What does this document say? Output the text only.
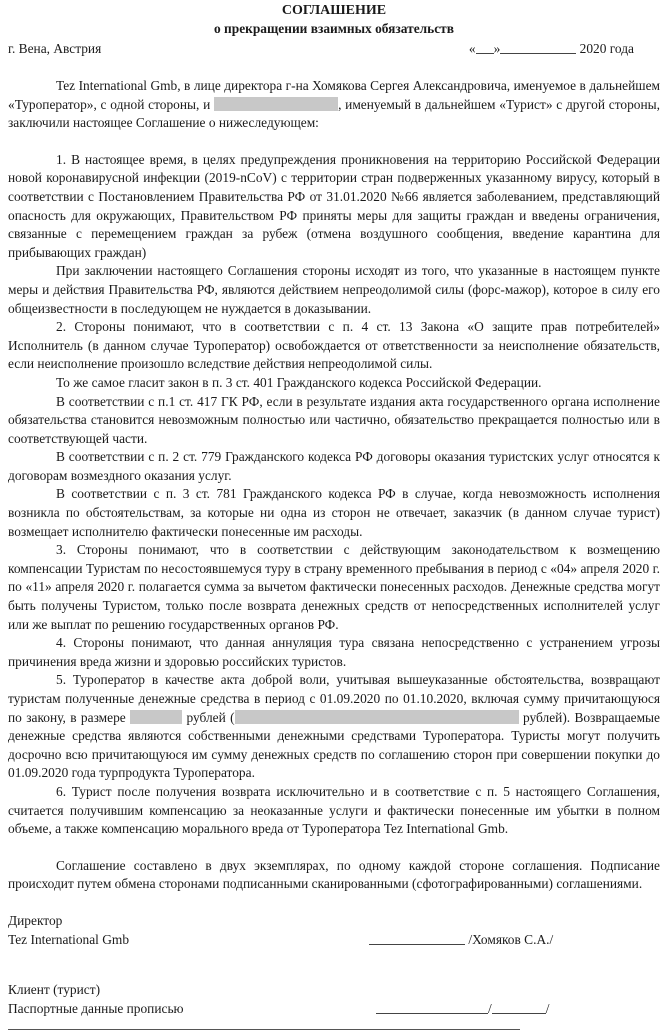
СОГЛАШЕНИЕ
о прекращении взаимных обязательств
г. Вена, Австрия	« »	2020 года

Tez International Gmb, в лице директора г-на Хомякова Сергея Александровича, именуемое в дальнейшем «Туроператор», с одной стороны, и	, именуемый в дальнейшем «Турист» с другой стороны, заключили настоящее Соглашение о нижеследующем:

1. В настоящее время, в целях предупреждения проникновения на территорию Российской Федерации новой коронавирусной инфекции (2019-nCoV) с территории стран подверженных указанному вирусу, который в соответствии с Постановлением Правительства РФ от 31.01.2020 №66 является заболеванием, представляющий опасность для окружающих, Правительством РФ приняты меры для защиты граждан и введены ограничения, связанные с перемещением граждан за рубеж (отмена воздушного сообщения, введение карантина для прибывающих граждан)

При заключении настоящего Соглашения стороны исходят из того, что указанные в настоящем пункте меры и действия Правительства РФ, являются действием непреодолимой силы (форс-мажор), которое в силу его общеизвестности в последующем не нуждается в доказывании.

2. Стороны понимают, что в соответствии с п. 4 ст. 13 Закона «О защите прав потребителей» Исполнитель (в данном случае Туроператор) освобождается от ответственности за неисполнение обязательств, если неисполнение произошло вследствие действия непреодолимой силы.

То же самое гласит закон в п. 3 ст. 401 Гражданского кодекса Российской Федерации.

В соответствии с п.1 ст. 417 ГК РФ, если в результате издания акта государственного органа исполнение обязательства становится невозможным полностью или частично, обязательство прекращается полностью или в соответствующей части.

В соответствии с п. 2 ст. 779 Гражданского кодекса РФ договоры оказания туристских услуг относятся к договорам возмездного оказания услуг.

В соответствии с п. 3 ст. 781 Гражданского кодекса РФ в случае, когда невозможность исполнения возникла по обстоятельствам, за которые ни одна из сторон не отвечает, заказчик (в данном случае турист) возмещает исполнителю фактически понесенные им расходы.

3. Стороны понимают, что в соответствии с действующим законодательством к возмещению компенсации Туристам по несостоявшемуся туру в страну временного пребывания в период с «04» апреля 2020 г. по «11» апреля 2020 г. полагается сумма за вычетом фактически понесенных расходов. Денежные средства могут быть получены Туристом, только после возврата денежных средств от непосредственных исполнителей услуг или же выплат по решению государственных органов РФ.

4. Стороны понимают, что данная аннуляция тура связана непосредственно с устранением угрозы причинения вреда жизни и здоровью российских туристов.

5. Туроператор в качестве акта доброй воли, учитывая вышеуказанные обстоятельства, возвращают туристам полученные денежные средства в период с 01.09.2020 по 01.10.2020, включая сумму причитающуюся по закону, в размере	рублей (	рублей). Возвращаемые денежные средства являются собственными денежными средствами Туроператора. Туристы могут получить досрочно всю причитающуюся им сумму денежных средств по соглашению сторон при совершении покупки до 01.09.2020 года турпродукта Туроператора.

6. Турист после получения возврата исключительно и в соответствие с п. 5 настоящего Соглашения, считается получившим компенсацию за неоказанные услуги и фактически понесенные им убытки в полном объеме, а также компенсацию морального вреда от Туроператора Tez International Gmb.

Соглашение составлено в двух экземплярах, по одному каждой стороне соглашения. Подписание происходит путем обмена сторонами подписанными сканированными (сфотографированными) соглашениями.

Директор
Tez International Gmb	/Хомяков С.А./
Клиент (турист)
Паспортные данные прописью	/	/
